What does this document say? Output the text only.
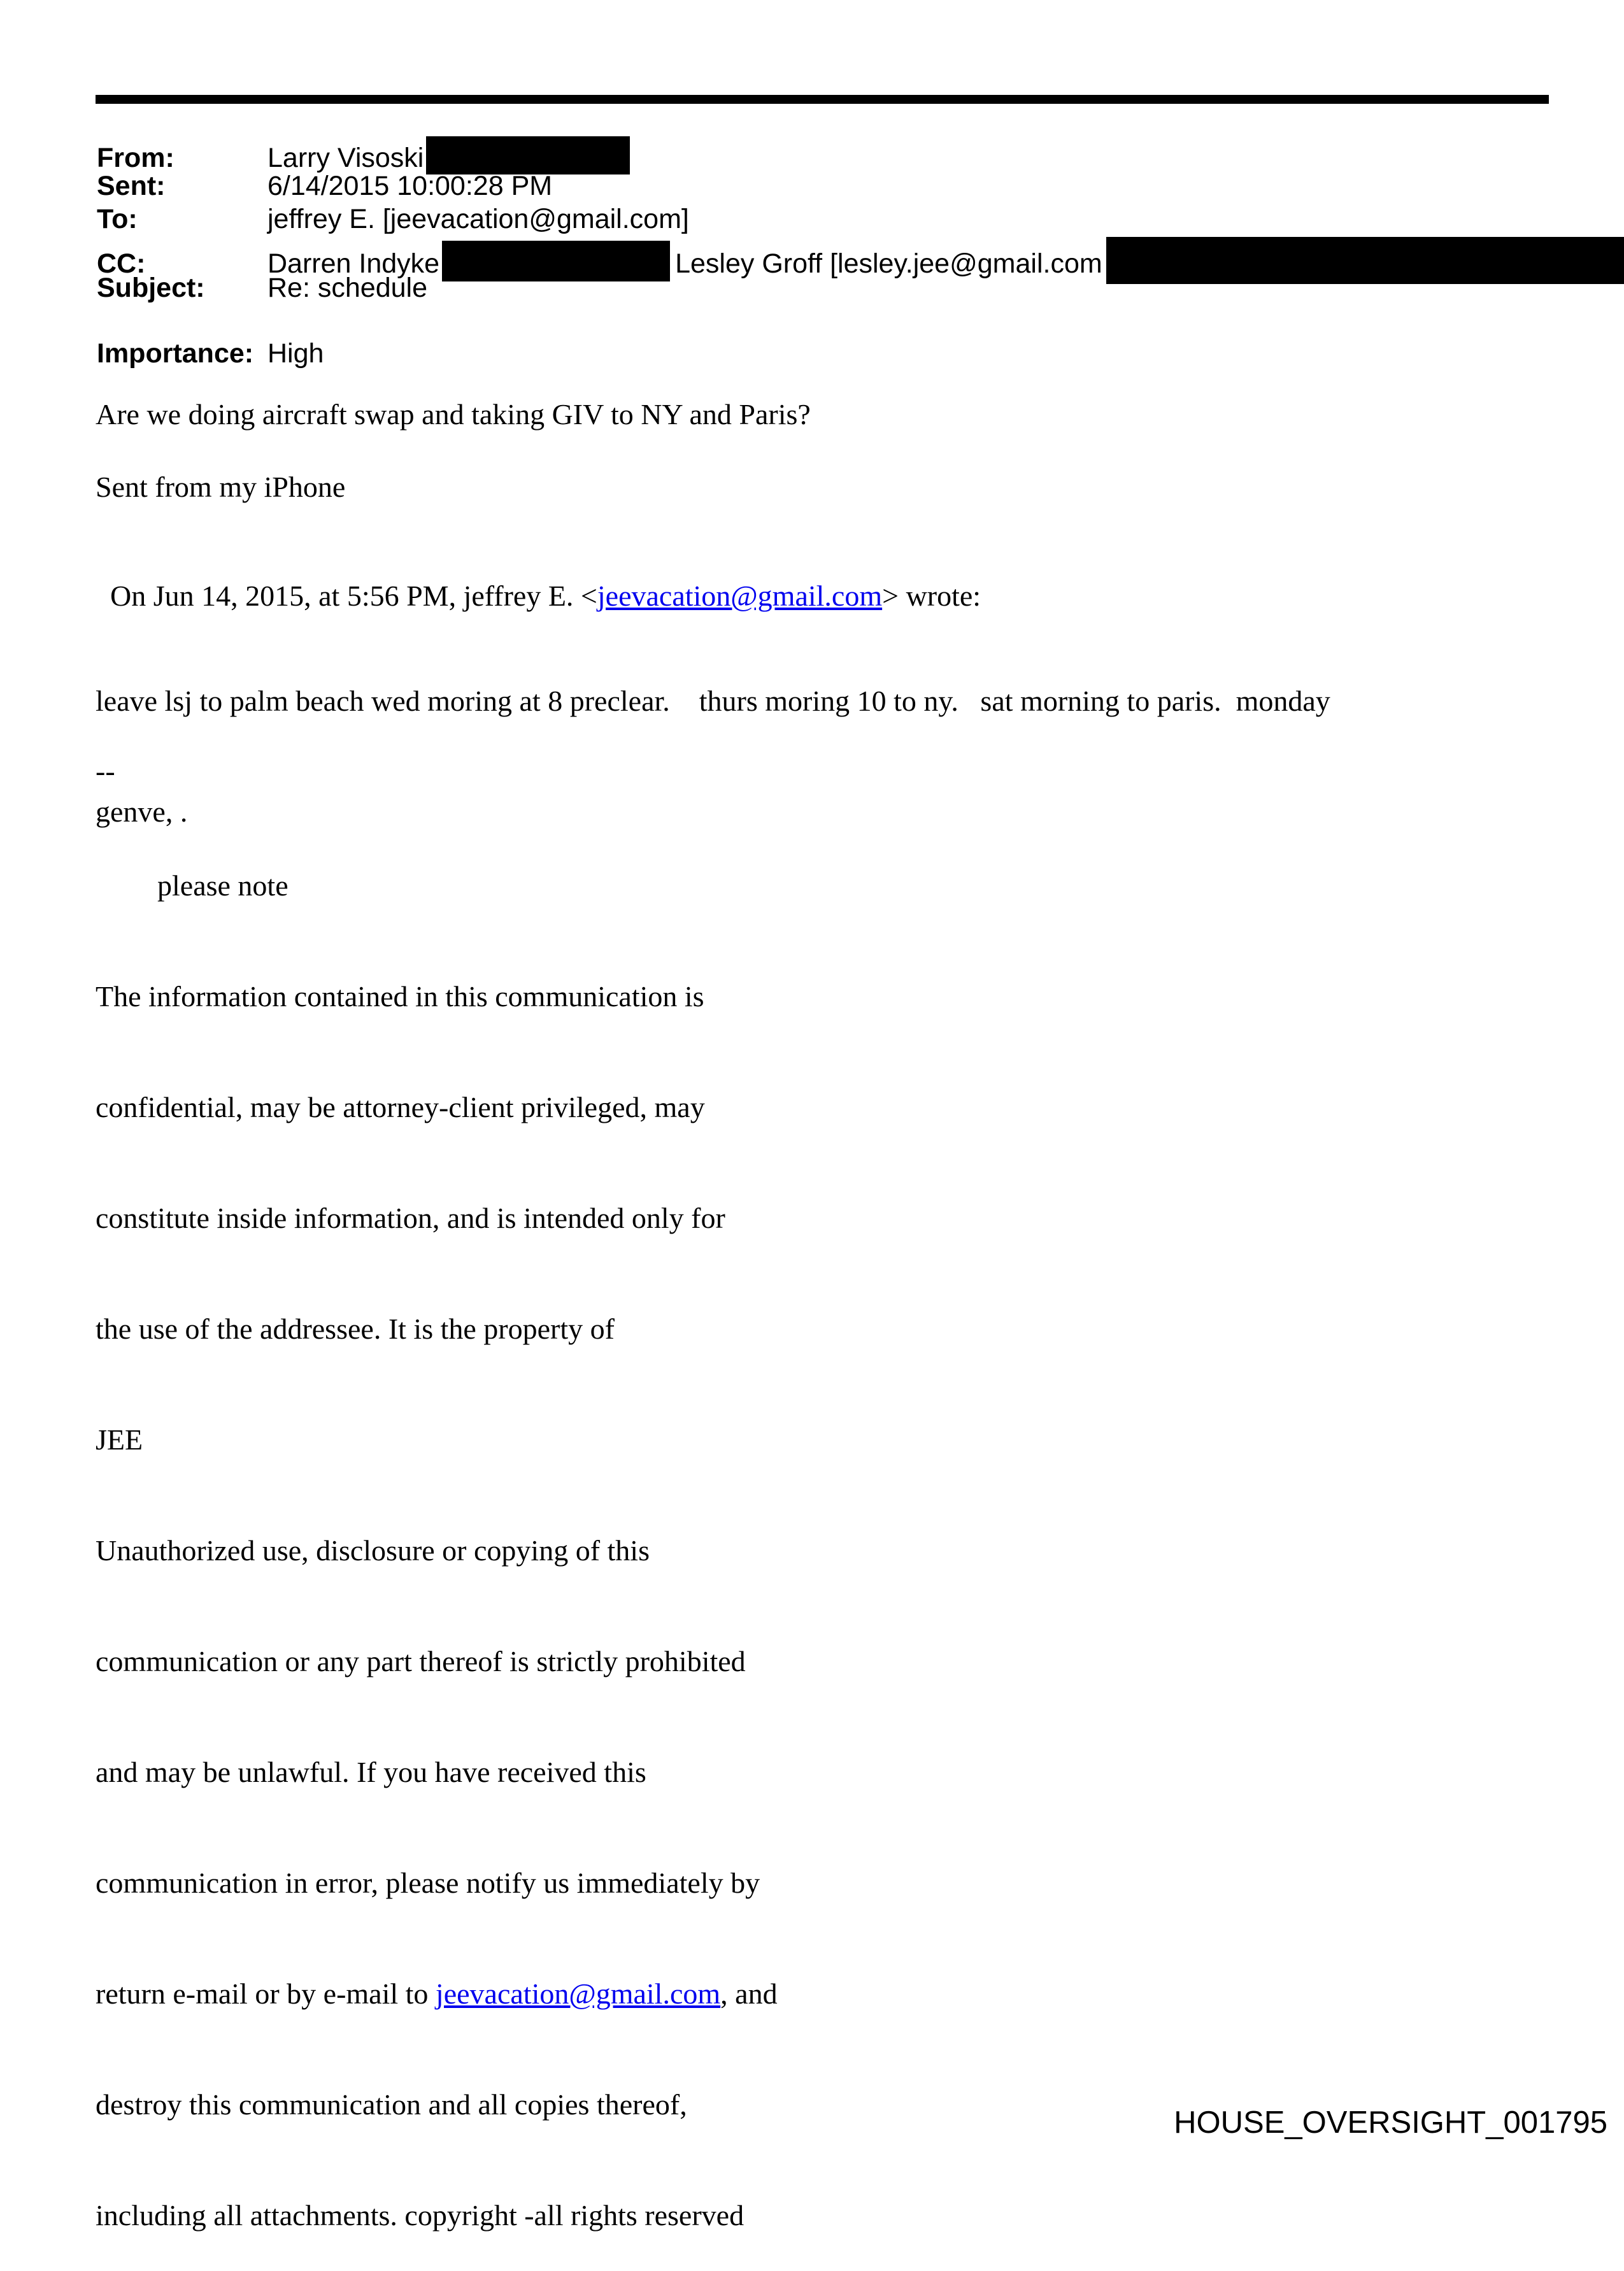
From:	Larry Visoski
Sent:	6/14/2015 10:00:28 PM
To:	jeffrey E. [jeevacation@gmail.com]
CC:	Darren Indyke	Lesley Groff [lesley.jee@gmail.com
Subject: Re: schedule
Importance: High
Are we doing aircraft swap and taking GIV to NY and Paris?
Sent from my iPhone

On Jun 14, 2015, at 5:56 PM, jeffrey E. <jeevacation@gmail.com> wrote:

leave lsj to palm beach wed moring at 8 preclear.    thurs moring 10 to ny.   sat morning to paris.  monday

genve, .

--

please note

The information contained in this communication is

confidential, may be attorney-client privileged, may

constitute inside information, and is intended only for

the use of the addressee. It is the property of

JEE

Unauthorized use, disclosure or copying of this

communication or any part thereof is strictly prohibited

and may be unlawful. If you have received this

communication in error, please notify us immediately by

return e-mail or by e-mail to jeevacation@gmail.com, and

destroy this communication and all copies thereof,

including all attachments. copyright -all rights reserved

HOUSE_OVERSIGHT_001795
